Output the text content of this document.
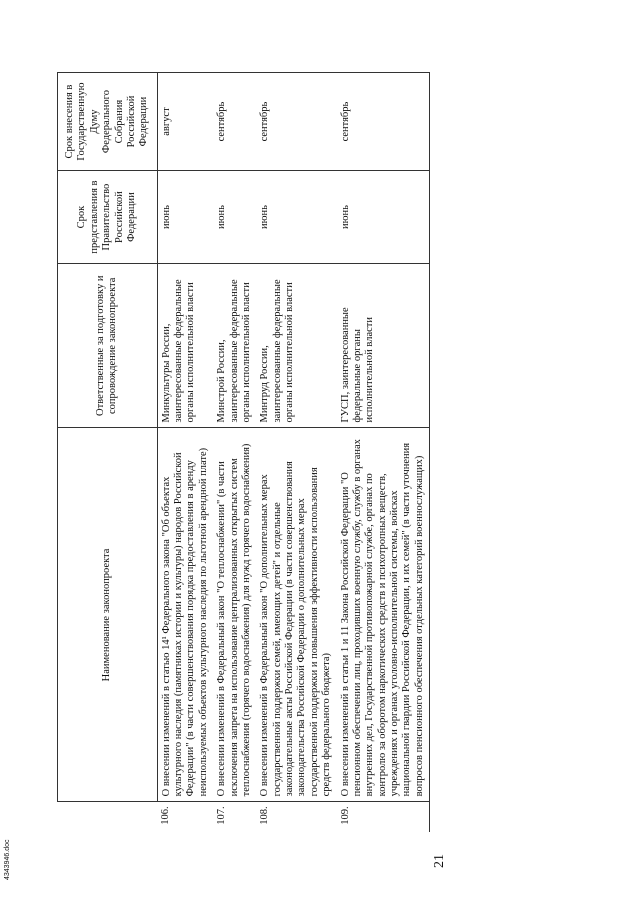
21
	Наименование законопроекта	Ответственные за подготовку и сопровождение законопроекта	Срок представления в Правительство Российской Федерации	Срок внесения в Государственную Думу Федерального Собрания Российской Федерации
106.	О внесении изменений в статью 14¹ Федерального закона "Об объектах культурного наследия (памятниках истории и культуры) народов Российской Федерации" (в части совершенствования порядка предоставления в аренду неиспользуемых объектов культурного наследия по льготной арендной плате)	Минкультуры России, заинтересованные федеральные органы исполнительной власти	июнь	август
107.	О внесении изменений в Федеральный закон "О теплоснабжении" (в части исключения запрета на использование централизованных открытых систем теплоснабжения (горячего водоснабжения) для нужд горячего водоснабжения)	Минстрой России, заинтересованные федеральные органы исполнительной власти	июнь	сентябрь
108.	О внесении изменений в Федеральный закон "О дополнительных мерах государственной поддержки семей, имеющих детей" и отдельные законодательные акты Российской Федерации (в части совершенствования законодательства Российской Федерации о дополнительных мерах государственной поддержки и повышения эффективности использования средств федерального бюджета)	Минтруд России, заинтересованные федеральные органы исполнительной власти	июнь	сентябрь
109.	О внесении изменений в статьи 1 и 11 Закона Российской Федерации "О пенсионном обеспечении лиц, проходивших военную службу, службу в органах внутренних дел, Государственной противопожарной службе, органах по контролю за оборотом наркотических средств и психотропных веществ, учреждениях и органах уголовно-исполнительной системы, войсках национальной гвардии Российской Федерации, и их семей" (в части уточнения вопросов пенсионного обеспечения отдельных категорий военнослужащих)	ГУСП, заинтересованные федеральные органы исполнительной власти	июнь	сентябрь
4343946.doc
